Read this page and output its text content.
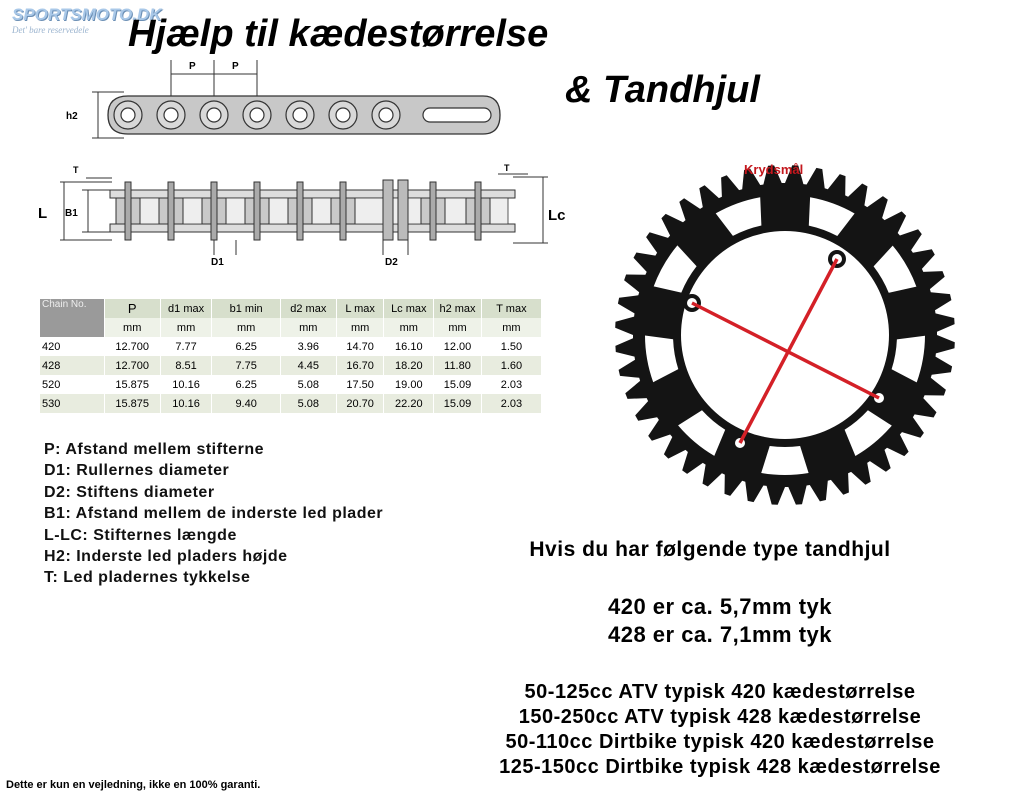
SPORTSMOTO.DK
Det' bare reservedele	Hjælp til kædestørrelse
& Tandhjul
P	P
h2
T	T
L B1	Lc
D1	D2
Chain No.	P	d1 max	b1 min	d2 max	L max	Lc max	h2 max	T max
	mm	mm	mm	mm	mm	mm	mm	mm
420	12.700	7.77	6.25	3.96	14.70	16.10	12.00	1.50
428	12.700	8.51	7.75	4.45	16.70	18.20	11.80	1.60
520	15.875	10.16	6.25	5.08	17.50	19.00	15.09	2.03
530	15.875	10.16	9.40	5.08	20.70	22.20	15.09	2.03
P: Afstand mellem stifterne
D1: Rullernes diameter
D2: Stiftens diameter
B1: Afstand mellem de inderste led plader
L-LC: Stifternes længde
H2: Inderste led pladers højde
T: Led pladernes tykkelse
Krydsmål
Hvis du har følgende type tandhjul
420 er ca. 5,7mm tyk
428 er ca. 7,1mm tyk
50-125cc ATV typisk 420 kædestørrelse
150-250cc ATV typisk 428 kædestørrelse
50-110cc Dirtbike typisk 420 kædestørrelse
125-150cc Dirtbike typisk 428 kædestørrelse
Dette er kun en vejledning, ikke en 100% garanti.
